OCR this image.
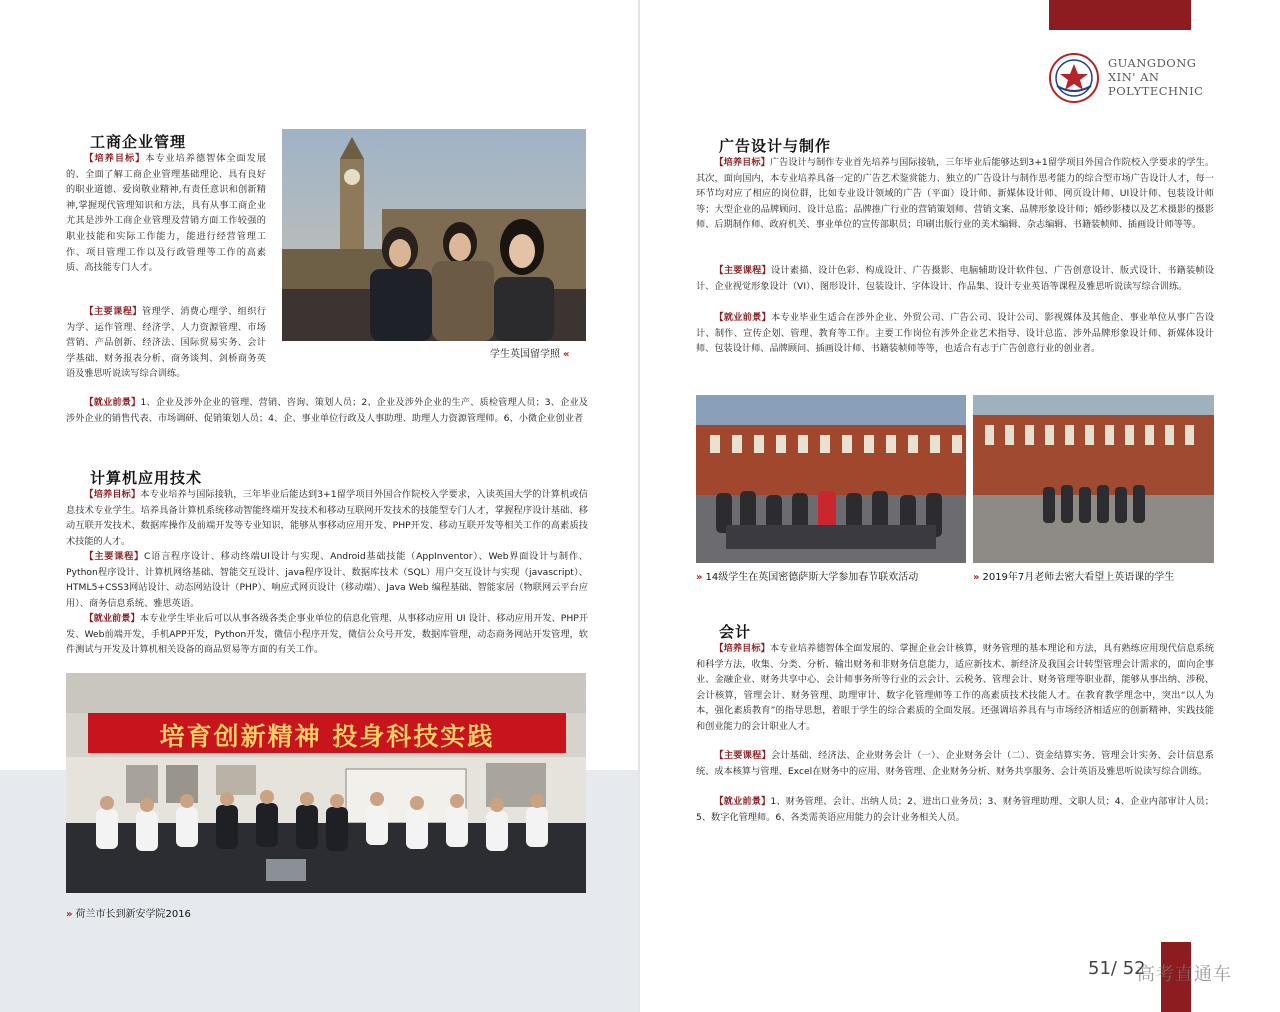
工商企业管理

【培养目标】本专业培养德智体全面发展的、全面了解工商企业管理基础理论、具有良好的职业道德、爱岗敬业精神,有责任意识和创新精神,掌握现代管理知识和方法，具有从事工商企业尤其是涉外工商企业管理及营销方面工作较强的职业技能和实际工作能力，能进行经营管理工作、项目管理工作以及行政管理等工作的高素质、高技能专门人才。

【主要课程】管理学、消费心理学、组织行为学、运作管理、经济学、人力资源管理、市场营销、产品创新、经济法、国际贸易实务、会计学基础、财务报表分析、商务谈判、剑桥商务英语及雅思听说读写综合训练。

【就业前景】1、企业及涉外企业的管理、营销、咨询、策划人员；2、企业及涉外企业的生产、质检管理人员；3、企业及涉外企业的销售代表、市场调研、促销策划人员；4、企、事业单位行政及人事助理、助理人力资源管理师。6、小微企业创业者

学生英国留学照 «
计算机应用技术

【培养目标】本专业培养与国际接轨，三年毕业后能达到3+1留学项目外国合作院校入学要求，入读英国大学的计算机或信息技术专业学生。培养具备计算机系统移动智能终端开发技术和移动互联网开发技术的技能型专门人才，掌握程序设计基础、移动互联开发技术、数据库操作及前端开发等专业知识，能够从事移动应用开发、PHP开发、移动互联开发等相关工作的高素质技术技能的人才。

【主要课程】C语言程序设计、移动终端UI设计与实现、Android基础技能（AppInventor）、Web界面设计与制作、Python程序设计、计算机网络基础、智能交互设计、java程序设计、数据库技术（SQL）用户交互设计与实现（javascript）、HTML5+CSS3网站设计、动态网站设计（PHP）、响应式网页设计（移动端）、Java Web 编程基础、智能家居（物联网云平台应用）、商务信息系统、雅思英语。

【就业前景】本专业学生毕业后可以从事各级各类企事业单位的信息化管理、从事移动应用 UI 设计、移动应用开发、PHP开发、Web前端开发，手机APP开发，Python开发，微信小程序开发，微信公众号开发，数据库管理，动态商务网站开发管理，软件测试与开发及计算机相关设备的商品贸易等方面的有关工作。

培育创新精神 投身科技实践
» 荷兰市长到新安学院2016
GUANGDONG
XIN' AN
POLYTECHNIC
广告设计与制作

【培养目标】广告设计与制作专业首先培养与国际接轨，三年毕业后能够达到3+1留学项目外国合作院校入学要求的学生。其次，面向国内，本专业培养具备一定的广告艺术鉴赏能力、独立的广告设计与制作思考能力的综合型市场广告设计人才，每一环节均对应了相应的岗位群，比如专业设计领域的广告（平面）设计师、新媒体设计师、网页设计师、UI设计师、包装设计师等；大型企业的品牌顾问、设计总监；品牌推广行业的营销策划师、营销文案、品牌形象设计师；婚纱影楼以及艺术摄影的摄影师、后期制作师、政府机关、事业单位的宣传部职员；印刷出版行业的美术编辑、杂志编辑、书籍装帧师、插画设计师等等。

【主要课程】设计素描、设计色彩、构成设计、广告摄影、电脑辅助设计软件包、广告创意设计、版式设计、书籍装帧设计、企业视觉形象设计（VI）、图形设计、包装设计、字体设计、作品集、设计专业英语等课程及雅思听说读写综合训练。

【就业前景】本专业毕业生适合在涉外企业、外贸公司、广告公司、设计公司、影视媒体及其他企、事业单位从事广告设计、制作、宣传企划、管理、教育等工作。主要工作岗位有涉外企业艺术指导、设计总监、涉外品牌形象设计师、新媒体设计师、包装设计师、品牌顾问、插画设计师、书籍装帧师等等，也适合有志于广告创意行业的创业者。

» 14级学生在英国密德萨斯大学参加春节联欢活动	» 2019年7月老师去密大看望上英语课的学生
会计

【培养目标】本专业培养德智体全面发展的、掌握企业会计核算，财务管理的基本理论和方法，具有熟练应用现代信息系统和科学方法，收集、分类、分析、输出财务和非财务信息能力，适应新技术、新经济及我国会计转型管理会计需求的，面向企事业、金融企业、财务共享中心、会计师事务所等行业的云会计、云税务、管理会计、财务管理等职业群，能够从事出纳、涉税、会计核算，管理会计、财务管理、助理审计、数字化管理师等工作的高素质技术技能人才。在教育教学理念中，突出“以人为本，强化素质教育”的指导思想，着眼于学生的综合素质的全面发展。还强调培养具有与市场经济相适应的创新精神、实践技能和创业能力的会计职业人才。

【主要课程】会计基础、经济法、企业财务会计（一）、企业财务会计（二）、资金结算实务、管理会计实务、会计信息系统、成本核算与管理、Excel在财务中的应用、财务管理、企业财务分析、财务共享服务、会计英语及雅思听说读写综合训练。

【就业前景】1、财务管理、会计、出纳人员；2、进出口业务员；3、财务管理助理、文职人员；4、企业内部审计人员；5、数字化管理师。6、各类需英语应用能力的会计业务相关人员。

51/ 52
高考直通车
